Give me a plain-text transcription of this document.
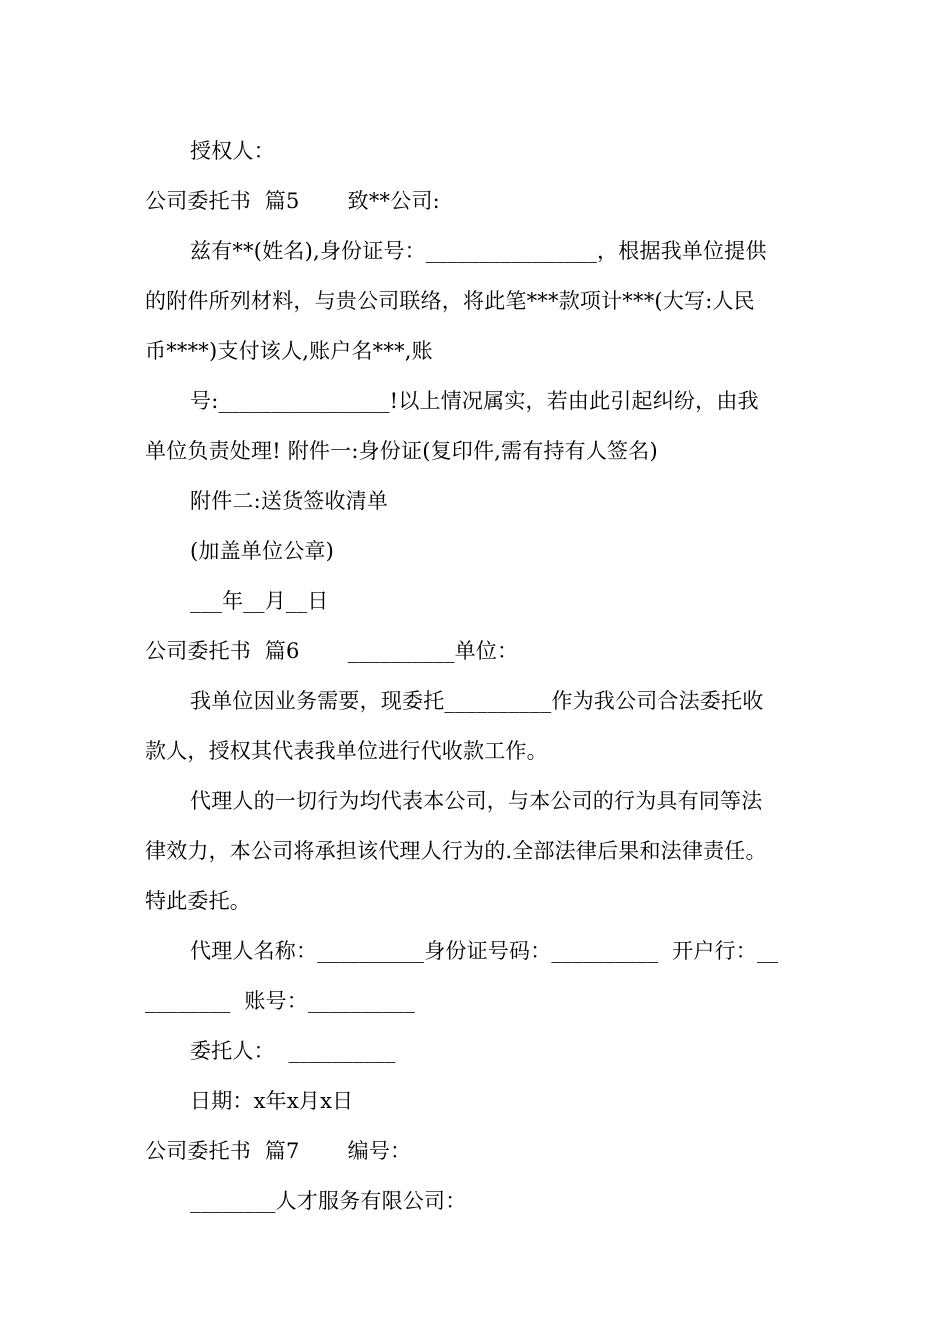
授权人：
公司委托书  篇5       致**公司:
兹有**(姓名),身份证号：________________，根据我单位提供
的附件所列材料，与贵公司联络，将此笔***款项计***(大写:人民
币****)支付该人,账户名***,账
号:________________!以上情况属实，若由此引起纠纷，由我
单位负责处理! 附件一:身份证(复印件,需有持有人签名)
附件二:送货签收清单
(加盖单位公章)
___年__月__日
公司委托书  篇6       __________单位：
我单位因业务需要，现委托__________作为我公司合法委托收
款人，授权其代表我单位进行代收款工作。
代理人的一切行为均代表本公司，与本公司的行为具有同等法
律效力，本公司将承担该代理人行为的.全部法律后果和法律责任。
特此委托。
代理人名称：__________身份证号码：__________  开户行：__
________  账号：__________
委托人：  __________
日期：x年x月x日
公司委托书  篇7       编号：
________人才服务有限公司：
